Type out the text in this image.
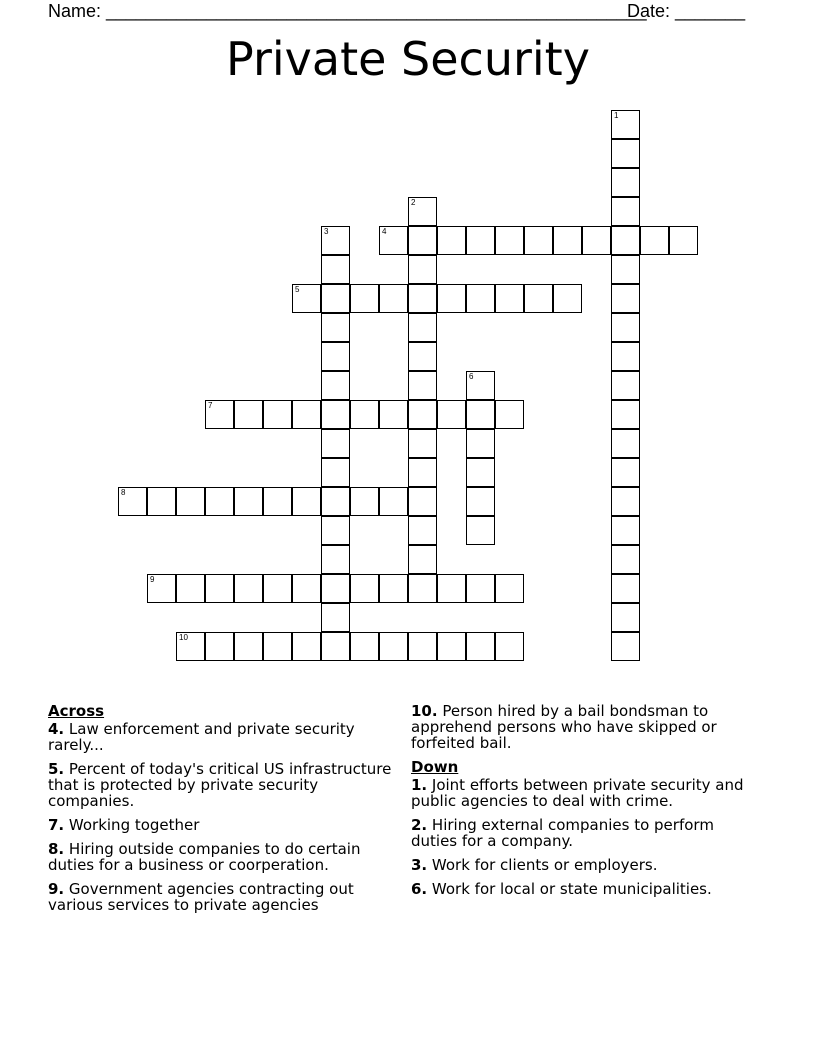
Name: ______________________________________________________
Date: _______
Private Security
1
2
3	4
5
6
7
8
9
10
Across
4. Law enforcement and private security rarely...
5. Percent of today's critical US infrastructure that is protected by private security companies.
7. Working together
8. Hiring outside companies to do certain duties for a business or coorperation.
9. Government agencies contracting out various services to private agencies
10. Person hired by a bail bondsman to apprehend persons who have skipped or forfeited bail.
Down
1. Joint efforts between private security and public agencies to deal with crime.
2. Hiring external companies to perform duties for a company.
3. Work for clients or employers.
6. Work for local or state municipalities.
